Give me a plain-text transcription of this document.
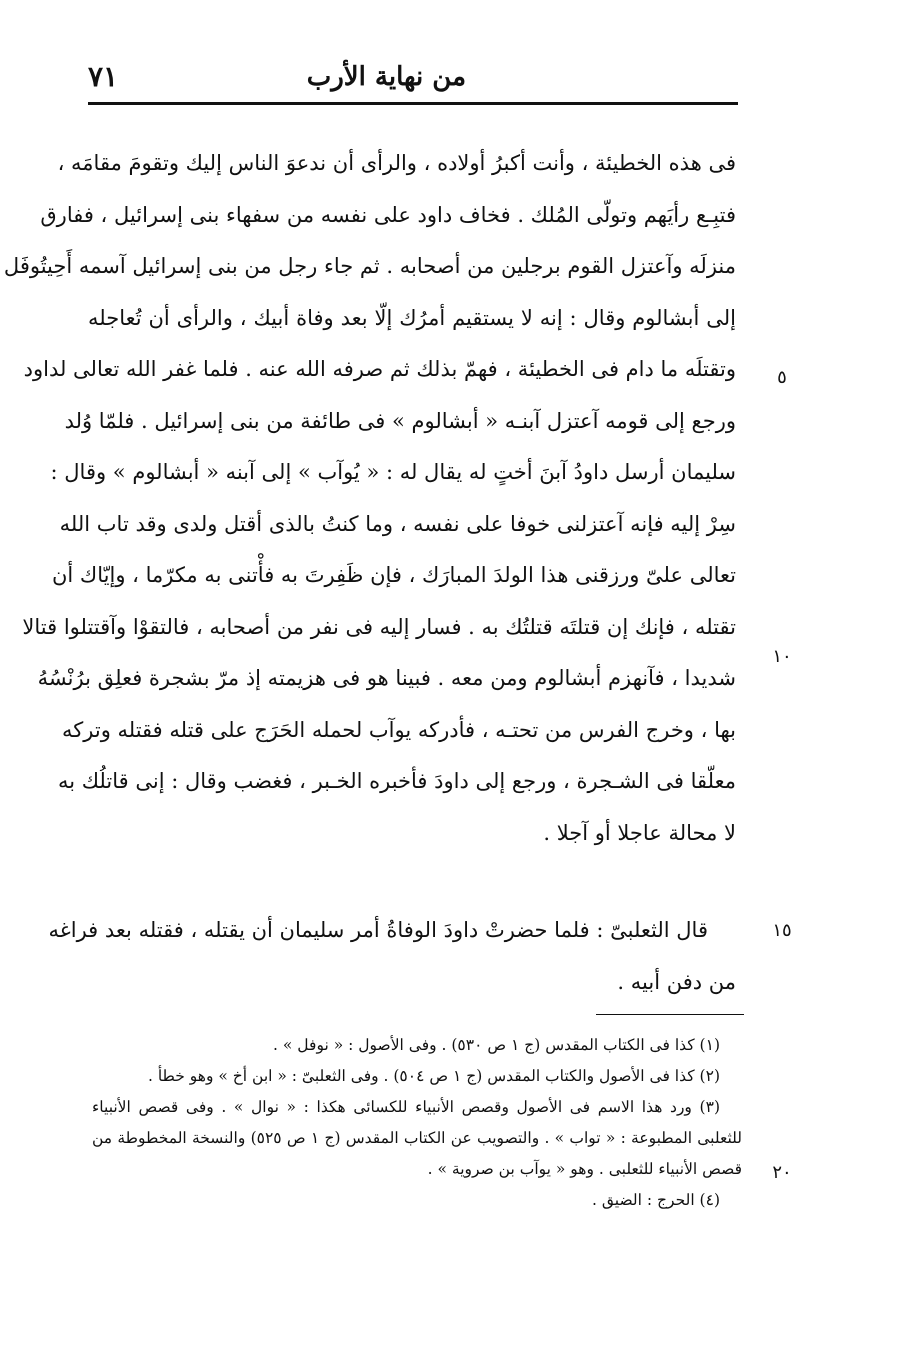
من نهاية الأرب
٧١
فى هذه الخطيئة ، وأنت أكبرُ أولاده ، والرأى أن ندعوَ الناس إليك وتقومَ مقامَه ،
فتبِـع رأيَهم وتولّى المُلك . فخاف داود على نفسه من سفهاء بنى إسرائيل ، ففارق
منزلَه وآعتزل القوم برجلين من أصحابه . ثم جاء رجل من بنى إسرائيل آسمه أَحِيتُوفَل
إلى أبشالوم وقال : إنه لا يستقيم أمرُك إلّا بعد وفاة أبيك ، والرأى أن تُعاجله
وتقتلَه ما دام فى الخطيئة ، فهمّ بذلك ثم صرفه الله عنه . فلما غفر الله تعالى لداود
ورجع إلى قومه آعتزل آبنـه « أبشالوم » فى طائفة من بنى إسرائيل . فلمّا وُلد
سليمان أرسل داودُ آبنَ أختٍ له يقال له : « يُوآب » إلى آبنه « أبشالوم » وقال :
سِرْ إليه فإنه آعتزلنى خوفا على نفسه ، وما كنتُ بالذى أقتل ولدى وقد تاب الله
تعالى علىّ ورزقنى هذا الولدَ المبارَك ، فإن ظَفِرتَ به فأْتنى به مكرّما ، وإيّاك أن
تقتله ، فإنك إن قتلتَه قتلتُك به . فسار إليه فى نفر من أصحابه ، فالتقوْا وآقتتلوا قتالا
شديدا ، فآنهزم أبشالوم ومن معه . فبينا هو فى هزيمته إذ مرّ بشجرة فعلِق برُنْسُهُ
بها ، وخرج الفرس من تحتـه ، فأدركه يوآب لحمله الحَرَج على قتله فقتله وتركه
معلّقا فى الشـجرة ، ورجع إلى داودَ فأخبره الخـبر ، فغضب وقال : إنى قاتلُك به
لا محالة عاجلا أو آجلا .
قال الثعلبىّ : فلما حضرتْ داودَ الوفاةُ أمر سليمان أن يقتله ، فقتله بعد فراغه
من دفن أبيه .
٥
١٠
١٥
٢٠
(١) كذا فى الكتاب المقدس (ج ١ ص ٥٣٠) . وفى الأصول : « نوفل » .
(٢) كذا فى الأصول والكتاب المقدس (ج ١ ص ٥٠٤) . وفى الثعلبىّ : « ابن أخ » وهو خطأ .
(٣) ورد هذا الاسم فى الأصول وقصص الأنبياء للكسائى هكذا : « نوال » . وفى قصص الأنبياء
للثعلبى المطبوعة : « تواب » . والتصويب عن الكتاب المقدس (ج ١ ص ٥٢٥) والنسخة المخطوطة من
قصص الأنبياء للثعلبى . وهو « يوآب بن صروية » .
(٤) الحرج : الضيق .
